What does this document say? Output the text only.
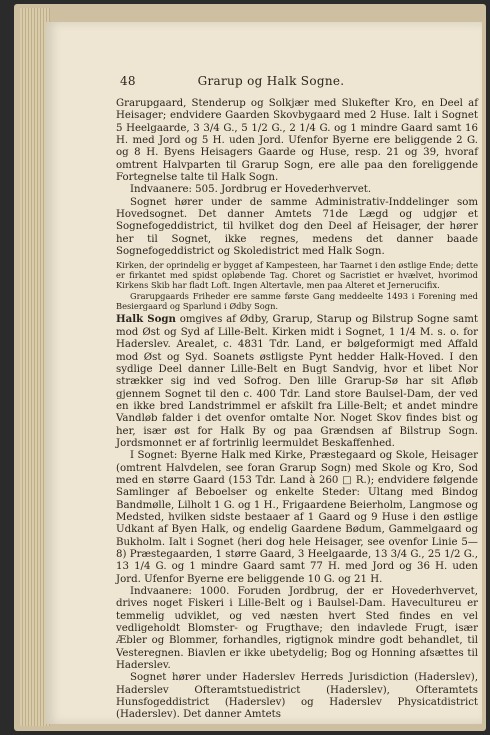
48	Grarup og Halk Sogne.

Grarupgaard, Stenderup og Solkjær med Slukefter Kro, en Deel af Heisager; endvidere Gaarden Skovbygaard med 2 Huse. Ialt i Sognet 5 Heelgaarde, 3 3/4 G., 5 1/2 G., 2 1/4 G. og 1 mindre Gaard samt 16 H. med Jord og 5 H. uden Jord. Ufenfor Byerne ere beliggende 2 G. og 8 H. Byens Heisagers Gaarde og Huse, resp. 21 og 39, hvoraf omtrent Halvparten til Grarup Sogn, ere alle paa den foreliggende Fortegnelse talte til Halk Sogn.

Indvaanere: 505. Jordbrug er Hovederhvervet.

Sognet hører under de samme Administrativ-Inddelinger som Hovedsognet. Det danner Amtets 71de Lægd og udgjør et Sognefogeddistrict, til hvilket dog den Deel af Heisager, der hører her til Sognet, ikke regnes, medens det danner baade Sognefogeddistrict og Skoledistrict med Halk Sogn.

Kirken, der oprindelig er bygget af Kampesteen, har Taarnet i den østlige Ende; dette er firkantet med spidst opløbende Tag. Choret og Sacristiet er hvælvet, hvorimod Kirkens Skib har fladt Loft. Ingen Altertavle, men paa Alteret et Jernerucifix.

Grarupgaards Friheder ere samme første Gang meddeelte 1493 i Forening med Besiergaard og Sparlund i Ødby Sogn.

Halk Sogn omgives af Ødby, Grarup, Starup og Bilstrup Sogne samt mod Øst og Syd af Lille-Belt. Kirken midt i Sognet, 1 1/4 M. s. o. for Haderslev. Arealet, c. 4831 Tdr. Land, er bølgeformigt med Affald mod Øst og Syd. Soanets østligste Pynt hedder Halk-Hoved. I den sydlige Deel danner Lille-Belt en Bugt Sandvig, hvor et libet Nor strækker sig ind ved Sofrog. Den lille Grarup-Sø har sit Afløb gjennem Sognet til den c. 400 Tdr. Land store Baulsel-Dam, der ved en ikke bred Landstrimmel er afskilt fra Lille-Belt; et andet mindre Vandløb falder i det ovenfor omtalte Nor. Noget Skov findes bist og her, især øst for Halk By og paa Grændsen af Bilstrup Sogn. Jordsmonnet er af fortrinlig leermuldet Beskaffenhed.

I Sognet: Byerne Halk med Kirke, Præstegaard og Skole, Heisager (omtrent Halvdelen, see foran Grarup Sogn) med Skole og Kro, Sod med en større Gaard (153 Tdr. Land à 260 □ R.); endvidere følgende Samlinger af Beboelser og enkelte Steder: Ultang med Bindog Bandmølle, Lilholt 1 G. og 1 H., Frigaardene Beierholm, Langmose og Medsted, hvilken sidste bestaaer af 1 Gaard og 9 Huse i den østlige Udkant af Byen Halk, og endelig Gaardene Bødum, Gammelgaard og Bukholm. Ialt i Sognet (heri dog hele Heisager, see ovenfor Linie 5—8) Præstegaarden, 1 større Gaard, 3 Heelgaarde, 13 3/4 G., 25 1/2 G., 13 1/4 G. og 1 mindre Gaard samt 77 H. med Jord og 36 H. uden Jord. Ufenfor Byerne ere beliggende 10 G. og 21 H.

Indvaanere: 1000. Foruden Jordbrug, der er Hovederhvervet, drives noget Fiskeri i Lille-Belt og i Baulsel-Dam. Havecultureu er temmelig udviklet, og ved næsten hvert Sted findes en vel vedligeholdt Blomster- og Frugthave; den indavlede Frugt, især Æbler og Blommer, forhandles, rigtignok mindre godt behandlet, til Vesteregnen. Biavlen er ikke ubetydelig; Bog og Honning afsættes til Haderslev.

Sognet hører under Haderslev Herreds Jurisdiction (Haderslev), Haderslev Ofteramtstuedistrict (Haderslev), Ofteramtets Hunsfogeddistrict (Haderslev) og Haderslev Physicatdistrict (Haderslev). Det danner Amtets
